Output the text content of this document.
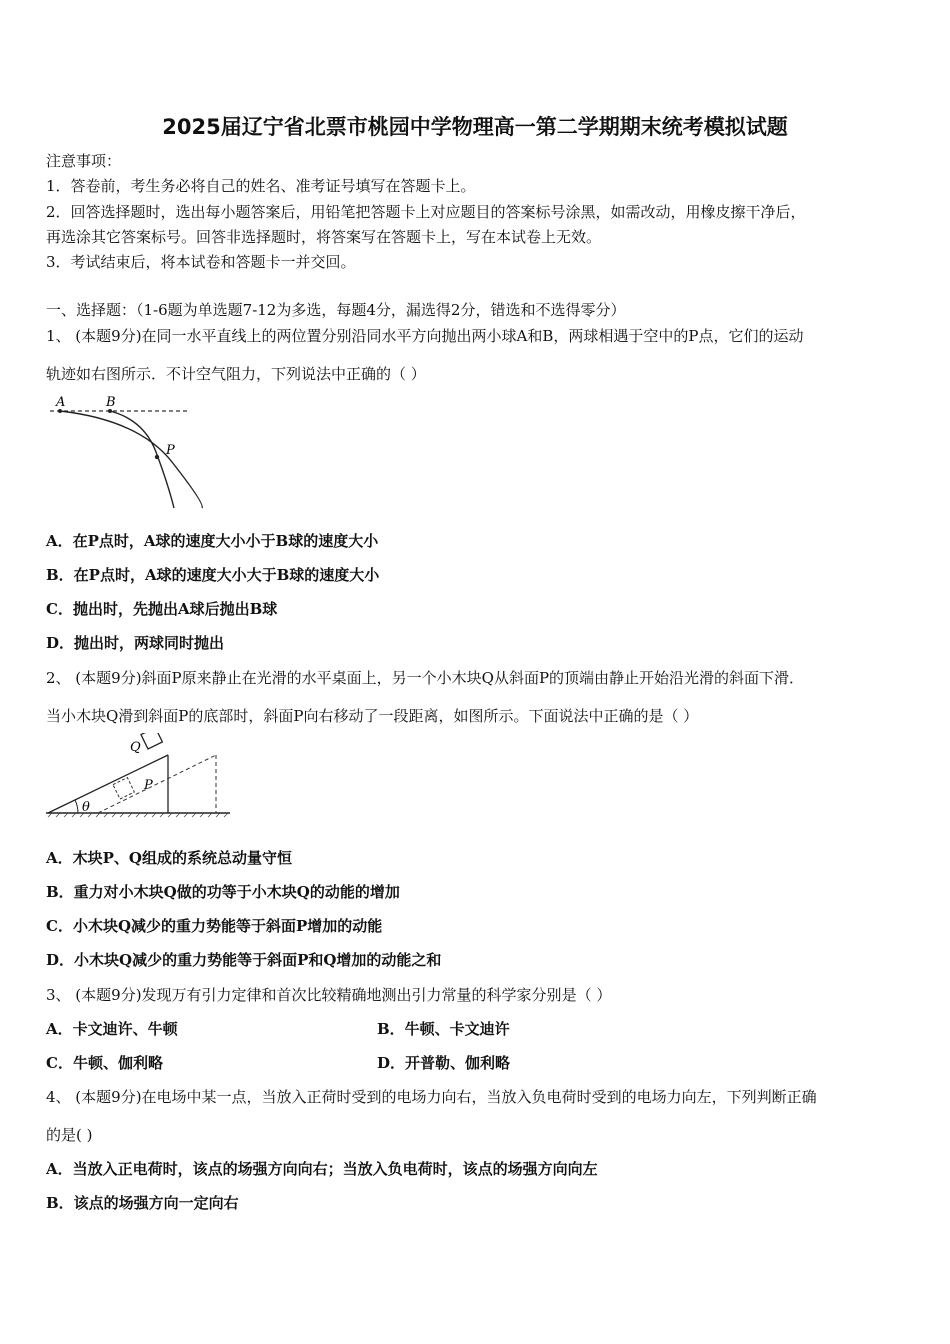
2025届辽宁省北票市桃园中学物理高一第二学期期末统考模拟试题
注意事项：
1．答卷前，考生务必将自己的姓名、准考证号填写在答题卡上。
2．回答选择题时，选出每小题答案后，用铅笔把答题卡上对应题目的答案标号涂黑，如需改动，用橡皮擦干净后，
再选涂其它答案标号。回答非选择题时，将答案写在答题卡上，写在本试卷上无效。
3．考试结束后，将本试卷和答题卡一并交回。
一、选择题：（1-6题为单选题7-12为多选，每题4分，漏选得2分，错选和不选得零分）
1、 (本题9分)在同一水平直线上的两位置分别沿同水平方向抛出两小球A和B，两球相遇于空中的P点，它们的运动
轨迹如右图所示．不计空气阻力，下列说法中正确的（ ）
A	B
P
A．在P点时，A球的速度大小小于B球的速度大小
B．在P点时，A球的速度大小大于B球的速度大小
C．抛出时，先抛出A球后抛出B球
D．抛出时，两球同时抛出
2、 (本题9分)斜面P原来静止在光滑的水平桌面上，另一个小木块Q从斜面P的顶端由静止开始沿光滑的斜面下滑．
当小木块Q滑到斜面P的底部时，斜面P向右移动了一段距离，如图所示。下面说法中正确的是（ ）
Q
P
θ
A．木块P、Q组成的系统总动量守恒
B．重力对小木块Q做的功等于小木块Q的动能的增加
C．小木块Q减少的重力势能等于斜面P增加的动能
D．小木块Q减少的重力势能等于斜面P和Q增加的动能之和
3、 (本题9分)发现万有引力定律和首次比较精确地测出引力常量的科学家分别是（ ）
A．卡文迪许、牛顿	B．牛顿、卡文迪许
C．牛顿、伽利略	D．开普勒、伽利略
4、 (本题9分)在电场中某一点，当放入正荷时受到的电场力向右，当放入负电荷时受到的电场力向左，下列判断正确
的是( )
A．当放入正电荷时，该点的场强方向向右；当放入负电荷时，该点的场强方向向左
B．该点的场强方向一定向右
